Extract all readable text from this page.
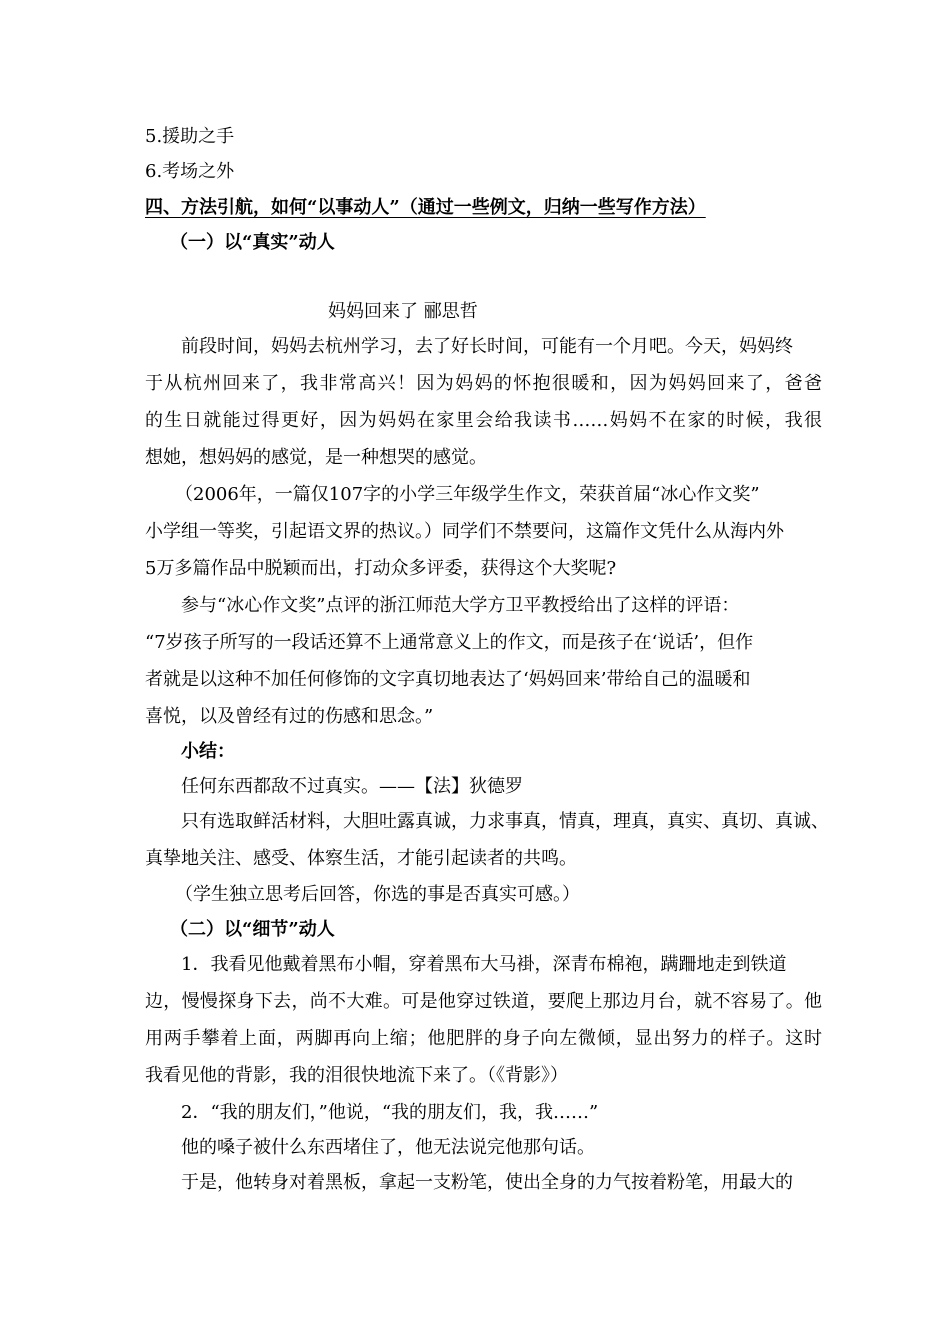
5.援助之手
6.考场之外
四、方法引航，如何“以事动人”（通过一些例文，归纳一些写作方法）
（一）以“真实”动人
妈妈回来了 郦思哲
前段时间，妈妈去杭州学习，去了好长时间，可能有一个月吧。今天，妈妈终
于从杭州回来了，我非常高兴！因为妈妈的怀抱很暖和，因为妈妈回来了，爸爸
的生日就能过得更好，因为妈妈在家里会给我读书……妈妈不在家的时候，我很
想她，想妈妈的感觉，是一种想哭的感觉。
（2006年，一篇仅107字的小学三年级学生作文，荣获首届“冰心作文奖”
小学组一等奖，引起语文界的热议。）同学们不禁要问，这篇作文凭什么从海内外
5万多篇作品中脱颖而出，打动众多评委，获得这个大奖呢?
参与“冰心作文奖”点评的浙江师范大学方卫平教授给出了这样的评语：
“7岁孩子所写的一段话还算不上通常意义上的作文，而是孩子在‘说话’，但作
者就是以这种不加任何修饰的文字真切地表达了‘妈妈回来’带给自己的温暖和
喜悦，以及曾经有过的伤感和思念。”
小结：
任何东西都敌不过真实。——【法】狄德罗
只有选取鲜活材料，大胆吐露真诚，力求事真，情真，理真，真实、真切、真诚、
真挚地关注、感受、体察生活，才能引起读者的共鸣。
（学生独立思考后回答，你选的事是否真实可感。）
（二）以“细节”动人
1．我看见他戴着黑布小帽，穿着黑布大马褂，深青布棉袍，蹒跚地走到铁道
边，慢慢探身下去，尚不大难。可是他穿过铁道，要爬上那边月台，就不容易了。他
用两手攀着上面，两脚再向上缩；他肥胖的身子向左微倾，显出努力的样子。这时
我看见他的背影，我的泪很快地流下来了。（《背影》）
2．“我的朋友们，”他说，“我的朋友们，我，我……”
他的嗓子被什么东西堵住了，他无法说完他那句话。
于是，他转身对着黑板，拿起一支粉笔，使出全身的力气按着粉笔，用最大的
